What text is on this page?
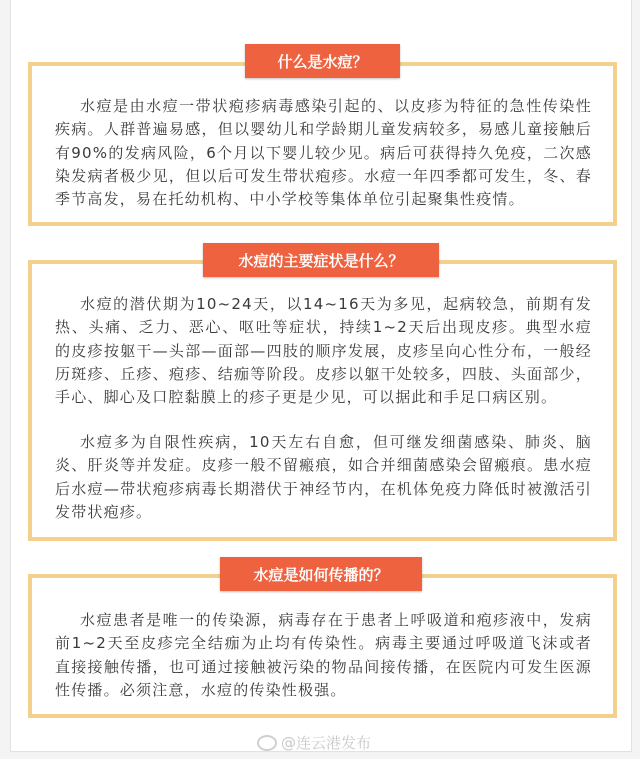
什么是水痘？

水痘是由水痘一带状疱疹病毒感染引起的、以皮疹为特征的急性传染性疾病。人群普遍易感，但以婴幼儿和学龄期儿童发病较多，易感儿童接触后有90%的发病风险，6个月以下婴儿较少见。病后可获得持久免疫，二次感染发病者极少见，但以后可发生带状疱疹。水痘一年四季都可发生，冬、春季节高发，易在托幼机构、中小学校等集体单位引起聚集性疫情。

水痘的主要症状是什么？

水痘的潜伏期为10~24天，以14~16天为多见，起病较急，前期有发热、头痛、乏力、恶心、呕吐等症状，持续1~2天后出现皮疹。典型水痘的皮疹按躯干—头部—面部—四肢的顺序发展，皮疹呈向心性分布，一般经历斑疹、丘疹、疱疹、结痂等阶段。皮疹以躯干处较多，四肢、头面部少，手心、脚心及口腔黏膜上的疹子更是少见，可以据此和手足口病区别。

水痘多为自限性疾病，10天左右自愈，但可继发细菌感染、肺炎、脑炎、肝炎等并发症。皮疹一般不留瘢痕，如合并细菌感染会留瘢痕。患水痘后水痘—带状疱疹病毒长期潜伏于神经节内，在机体免疫力降低时被激活引发带状疱疹。

水痘是如何传播的？

水痘患者是唯一的传染源，病毒存在于患者上呼吸道和疱疹液中，发病前1~2天至皮疹完全结痂为止均有传染性。病毒主要通过呼吸道飞沫或者直接接触传播，也可通过接触被污染的物品间接传播，在医院内可发生医源性传播。必须注意，水痘的传染性极强。

@连云港发布
